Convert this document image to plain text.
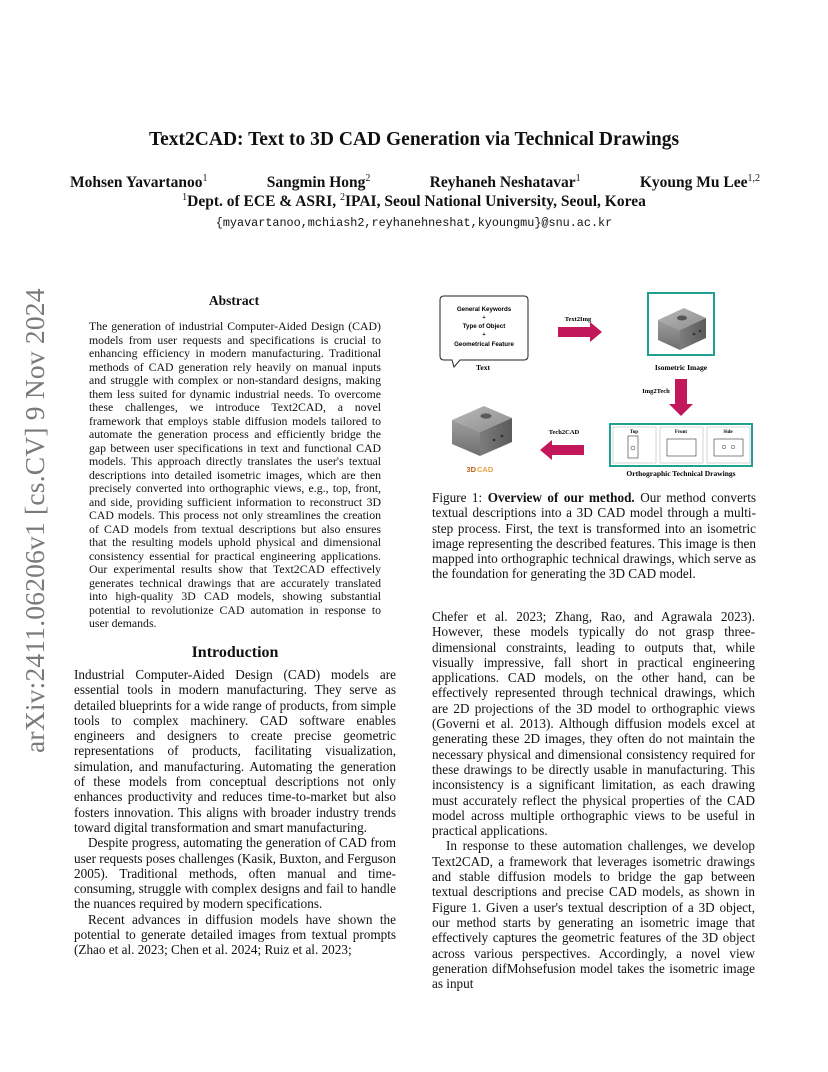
arXiv:2411.06206v1 [cs.CV] 9 Nov 2024
Text2CAD: Text to 3D CAD Generation via Technical Drawings
Mohsen Yavartanoo$^1$	Sangmin Hong$^2$	Reyhaneh Neshatavar$^1$	Kyoung Mu Lee$^{1,2}$
$^1$Dept. of ECE & ASRI, $^2$IPAI, Seoul National University, Seoul, Korea
{myavartanoo,mchiash2,reyhanehneshat,kyoungmu}@snu.ac.kr
Abstract
The generation of industrial Computer-Aided Design (CAD) models from user requests and specifications is crucial to enhancing efficiency in modern manufacturing. Traditional methods of CAD generation rely heavily on manual inputs and struggle with complex or non-standard designs, making them less suited for dynamic industrial needs. To overcome these challenges, we introduce Text2CAD, a novel framework that employs stable diffusion models tailored to automate the generation process and efficiently bridge the gap between user specifications in text and functional CAD models. This approach directly translates the user's textual descriptions into detailed isometric images, which are then precisely converted into orthographic views, e.g., top, front, and side, providing sufficient information to reconstruct 3D CAD models. This process not only streamlines the creation of CAD models from textual descriptions but also ensures that the resulting models uphold physical and dimensional consistency essential for practical engineering applications. Our experimental results show that Text2CAD effectively generates technical drawings that are accurately translated into high-quality 3D CAD models, showing substantial potential to revolutionize CAD automation in response to user demands.
Introduction

Industrial Computer-Aided Design (CAD) models are essential tools in modern manufacturing. They serve as detailed blueprints for a wide range of products, from simple tools to complex machinery. CAD software enables engineers and designers to create precise geometric representations of products, facilitating visualization, simulation, and manufacturing. Automating the generation of these models from conceptual descriptions not only enhances productivity and reduces time-to-market but also fosters innovation. This aligns with broader industry trends toward digital transformation and smart manufacturing.

Despite progress, automating the generation of CAD from user requests poses challenges (Kasik, Buxton, and Ferguson 2005). Traditional methods, often manual and time-consuming, struggle with complex designs and fail to handle the nuances required by modern specifications.

Recent advances in diffusion models have shown the potential to generate detailed images from textual prompts (Zhao et al. 2023; Chen et al. 2024; Ruiz et al. 2023;

General Keywords
+
Type of Object
+
Geometrical Feature
Text
Text2Img
Isometric Image
Img2Tech
Top	Front	Side
Orthographic Technical Drawings
Tech2CAD
3D CAD
Figure 1: Overview of our method. Our method converts textual descriptions into a 3D CAD model through a multi-step process. First, the text is transformed into an isometric image representing the described features. This image is then mapped into orthographic technical drawings, which serve as the foundation for generating the 3D CAD model.

Chefer et al. 2023; Zhang, Rao, and Agrawala 2023). However, these models typically do not grasp three-dimensional constraints, leading to outputs that, while visually impressive, fall short in practical engineering applications. CAD models, on the other hand, can be effectively represented through technical drawings, which are 2D projections of the 3D model to orthographic views (Governi et al. 2013). Although diffusion models excel at generating these 2D images, they often do not maintain the necessary physical and dimensional consistency required for these drawings to be directly usable in manufacturing. This inconsistency is a significant limitation, as each drawing must accurately reflect the physical properties of the CAD model across multiple orthographic views to be useful in practical applications.

In response to these automation challenges, we develop Text2CAD, a framework that leverages isometric drawings and stable diffusion models to bridge the gap between textual descriptions and precise CAD models, as shown in Figure 1. Given a user's textual description of a 3D object, our method starts by generating an isometric image that effectively captures the geometric features of the 3D object across various perspectives. Accordingly, a novel view generation difMohsefusion model takes the isometric image as input
